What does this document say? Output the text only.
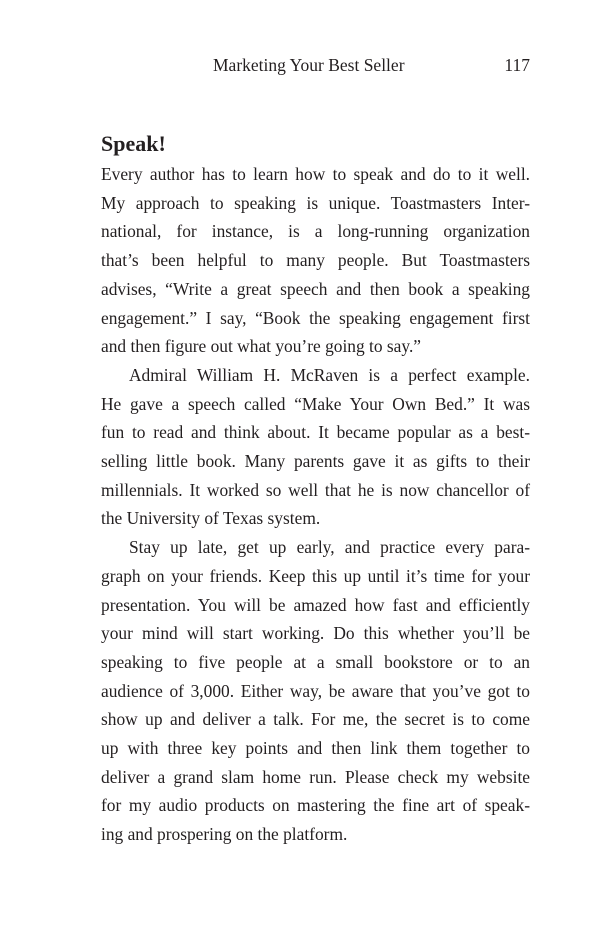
Marketing Your Best Seller	117
Speak!

Every author has to learn how to speak and do to it well.
My approach to speaking is unique. Toastmasters Inter-
national, for instance, is a long-running organization
that’s been helpful to many people. But Toastmasters
advises, “Write a great speech and then book a speaking
engagement.” I say, “Book the speaking engagement first
and then figure out what you’re going to say.”

Admiral William H. McRaven is a perfect example.
He gave a speech called “Make Your Own Bed.” It was
fun to read and think about. It became popular as a best-
selling little book. Many parents gave it as gifts to their
millennials. It worked so well that he is now chancellor of
the University of Texas system.

Stay up late, get up early, and practice every para-
graph on your friends. Keep this up until it’s time for your
presentation. You will be amazed how fast and efficiently
your mind will start working. Do this whether you’ll be
speaking to five people at a small bookstore or to an
audience of 3,000. Either way, be aware that you’ve got to
show up and deliver a talk. For me, the secret is to come
up with three key points and then link them together to
deliver a grand slam home run. Please check my website
for my audio products on mastering the fine art of speak-
ing and prospering on the platform.
